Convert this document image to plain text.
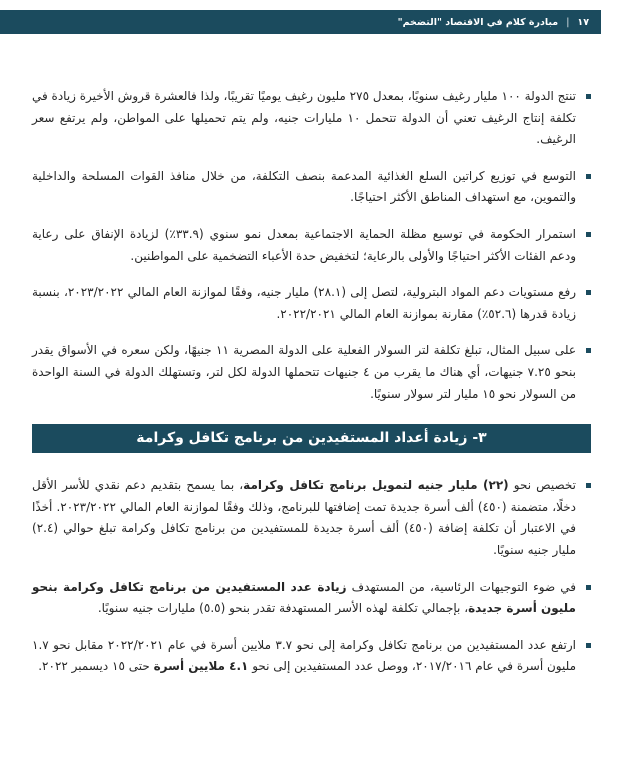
١٧
|
مبادرة كلام في الاقتصاد "التضخم"

تنتج الدولة ١٠٠ مليار رغيف سنويًا، بمعدل ٢٧٥ مليون رغيف يوميًا تقريبًا، ولذا فالعشرة قروش الأخيرة زيادة في تكلفة إنتاج الرغيف تعني أن الدولة تتحمل ١٠ مليارات جنيه، ولم يتم تحميلها على المواطن، ولم يرتفع سعر الرغيف.

التوسع في توزيع كراتين السلع الغذائية المدعمة بنصف التكلفة، من خلال منافذ القوات المسلحة والداخلية والتموين، مع استهداف المناطق الأكثر احتياجًا.

استمرار الحكومة في توسيع مظلة الحماية الاجتماعية بمعدل نمو سنوي (٣٣.٩٪) لزيادة الإنفاق على رعاية ودعم الفئات الأكثر احتياجًا والأولى بالرعاية؛ لتخفيض حدة الأعباء التضخمية على المواطنين.

رفع مستويات دعم المواد البترولية، لتصل إلى (٢٨.١) مليار جنيه، وفقًا لموازنة العام المالي ٢٠٢٣/٢٠٢٢، بنسبة زيادة قدرها (٥٢.٦٪) مقارنة بموازنة العام المالي ٢٠٢٢/٢٠٢١.

على سبيل المثال، تبلغ تكلفة لتر السولار الفعلية على الدولة المصرية ١١ جنيهًا، ولكن سعره في الأسواق يقدر بنحو ٧.٢٥ جنيهات، أي هناك ما يقرب من ٤ جنيهات تتحملها الدولة لكل لتر، وتستهلك الدولة في السنة الواحدة من السولار نحو ١٥ مليار لتر سولار سنويًا.

٣- زيادة أعداد المستفيدين من برنامج تكافل وكرامة

تخصيص نحو (٢٢) مليار جنيه لتمويل برنامج تكافل وكرامة، بما يسمح بتقديم دعم نقدي للأسر الأقل دخلًا، متضمنة (٤٥٠) ألف أسرة جديدة تمت إضافتها للبرنامج، وذلك وفقًا لموازنة العام المالي ٢٠٢٣/٢٠٢٢. أخذًا في الاعتبار أن تكلفة إضافة (٤٥٠) ألف أسرة جديدة للمستفيدين من برنامج تكافل وكرامة تبلغ حوالي (٢.٤) مليار جنيه سنويًا.

في ضوء التوجيهات الرئاسية، من المستهدف زيادة عدد المستفيدين من برنامج تكافل وكرامة بنحو مليون أسرة جديدة، بإجمالي تكلفة لهذه الأسر المستهدفة تقدر بنحو (٥.٥) مليارات جنيه سنويًا.

ارتفع عدد المستفيدين من برنامج تكافل وكرامة إلى نحو ٣.٧ ملايين أسرة في عام ٢٠٢٢/٢٠٢١ مقابل نحو ١.٧ مليون أسرة في عام ٢٠١٧/٢٠١٦، ووصل عدد المستفيدين إلى نحو ٤.١ ملايين أسرة حتى ١٥ ديسمبر ٢٠٢٢.
